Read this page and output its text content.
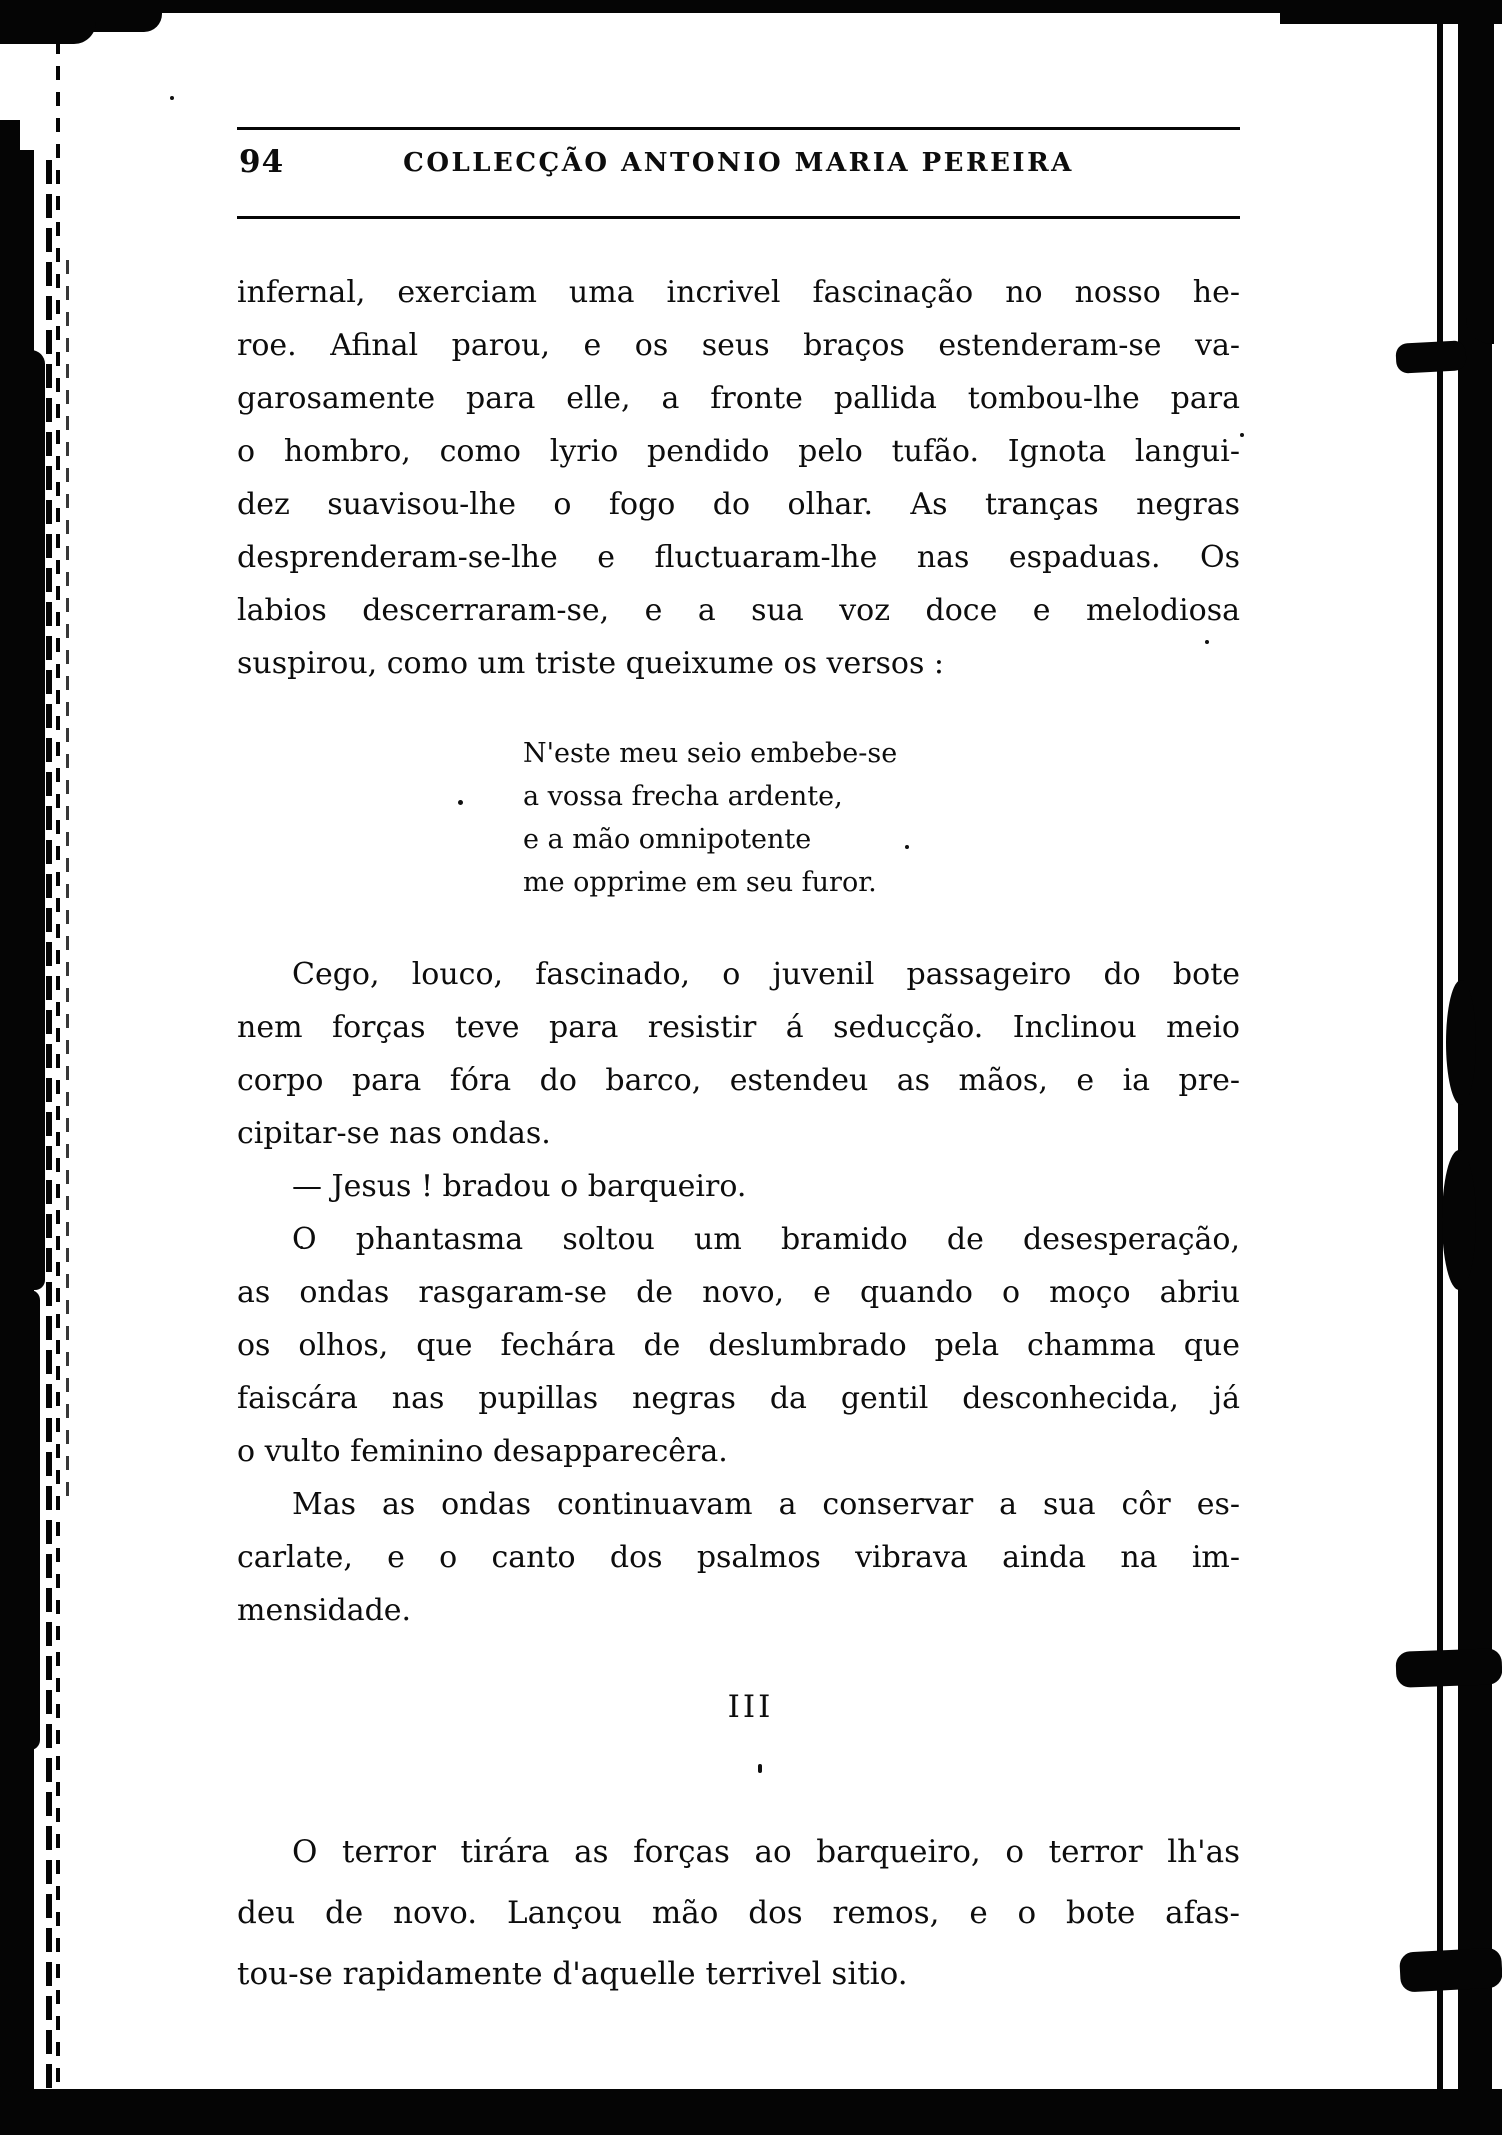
94	COLLECÇÃO ANTONIO MARIA PEREIRA
infernal, exerciam uma incrivel fascinação no nosso he-
roe. Afinal parou, e os seus braços estenderam-se va-
garosamente para elle, a fronte pallida tombou-lhe para
o hombro, como lyrio pendido pelo tufão. Ignota langui-
dez suavisou-lhe o fogo do olhar. As tranças negras
desprenderam-se-lhe e fluctuaram-lhe nas espaduas. Os
labios descerraram-se, e a sua voz doce e melodiosa
suspirou, como um triste queixume os versos :
N'este meu seio embebe-se
a vossa frecha ardente,
e a mão omnipotente
me opprime em seu furor.
Cego, louco, fascinado, o juvenil passageiro do bote
nem forças teve para resistir á seducção. Inclinou meio
corpo para fóra do barco, estendeu as mãos, e ia pre-
cipitar-se nas ondas.
— Jesus ! bradou o barqueiro.
O phantasma soltou um bramido de desesperação,
as ondas rasgaram-se de novo, e quando o moço abriu
os olhos, que fechára de deslumbrado pela chamma que
faiscára nas pupillas negras da gentil desconhecida, já
o vulto feminino desapparecêra.
Mas as ondas continuavam a conservar a sua côr es-
carlate, e o canto dos psalmos vibrava ainda na im-
mensidade.
III
O terror tirára as forças ao barqueiro, o terror lh'as
deu de novo. Lançou mão dos remos, e o bote afas-
tou-se rapidamente d'aquelle terrivel sitio.
